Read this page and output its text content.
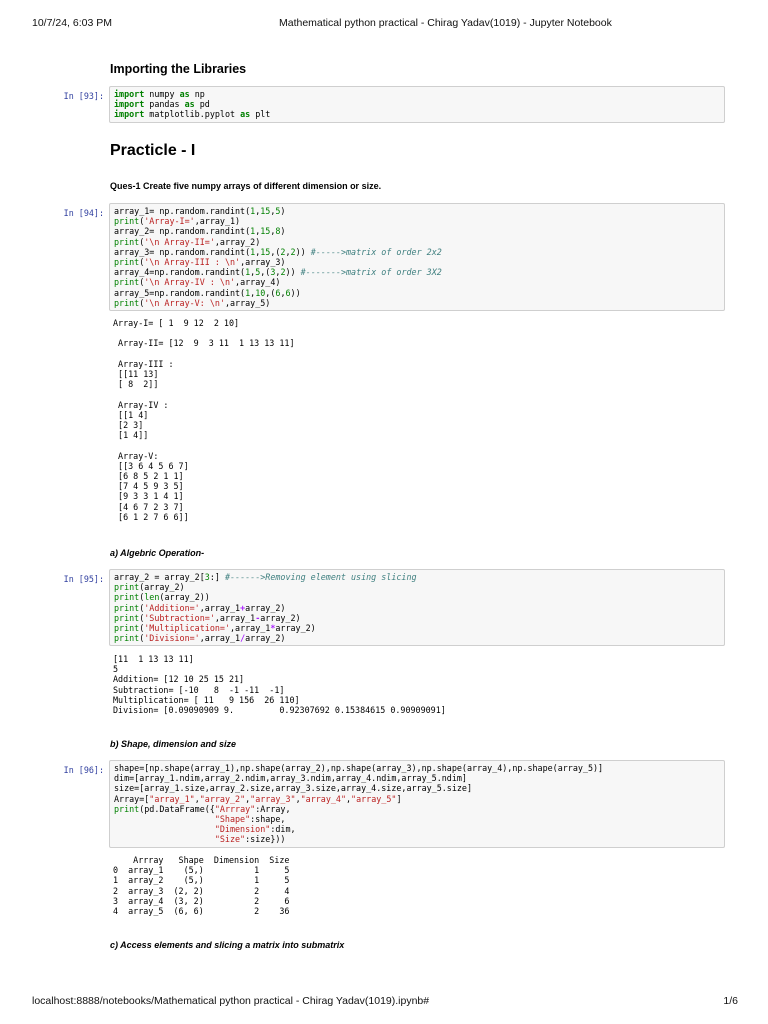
10/7/24, 6:03 PM	Mathematical python practical - Chirag Yadav(1019) - Jupyter Notebook
Importing the Libraries
In [93]: import numpy as np
import pandas as pd
import matplotlib.pyplot as plt
Practicle - I
Ques-1 Create five numpy arrays of different dimension or size.
In [94]: array_1= np.random.randint(1,15,5)
print('Array-I=',array_1)
array_2= np.random.randint(1,15,8)
print('\n Array-II=',array_2)
array_3= np.random.randint(1,15,(2,2)) #----->matrix of order 2x2
print('\n Array-III : \n',array_3)
array_4=np.random.randint(1,5,(3,2)) #------->matrix of order 3X2
print('\n Array-IV : \n',array_4)
array_5=np.random.randint(1,10,(6,6))
print('\n Array-V: \n',array_5)
Array-I= [ 1  9 12  2 10]

Array-II= [12  9  3 11  1 13 13 11]

Array-III :
[[11 13]
[ 8  2]]

Array-IV :
[[1 4]
[2 3]
[1 4]]

Array-V:
[[3 6 4 5 6 7]
[6 8 5 2 1 1]
[7 4 5 9 3 5]
[9 3 3 1 4 1]
[4 6 7 2 3 7]
[6 1 2 7 6 6]]
a) Algebric Operation-
In [95]: array_2 = array_2[3:] #------>Removing element using slicing
print(array_2)
print(len(array_2))
print('Addition=',array_1+array_2)
print('Subtraction=',array_1-array_2)
print('Multiplication=',array_1*array_2)
print('Division=',array_1/array_2)
[11  1 13 13 11]
5
Addition= [12 10 25 15 21]
Subtraction= [-10   8  -1 -11  -1]
Multiplication= [ 11   9 156  26 110]
Division= [0.09090909 9.         0.92307692 0.15384615 0.90909091]
b) Shape, dimension and size
In [96]: shape=[np.shape(array_1),np.shape(array_2),np.shape(array_3),np.shape(array_4),np.shape(array_5)]
dim=[array_1.ndim,array_2.ndim,array_3.ndim,array_4.ndim,array_5.ndim]
size=[array_1.size,array_2.size,array_3.size,array_4.size,array_5.size]
Array=["array_1","array_2","array_3","array_4","array_5"]
print(pd.DataFrame({"Arrray":Array,
"Shape":shape,
"Dimension":dim,
"Size":size}))
Arrray   Shape  Dimension  Size
0  array_1    (5,)          1     5
1  array_2    (5,)          1     5
2  array_3  (2, 2)          2     4
3  array_4  (3, 2)          2     6
4  array_5  (6, 6)          2    36
c) Access elements and slicing a matrix into submatrix
localhost:8888/notebooks/Mathematical python practical - Chirag Yadav(1019).ipynb#	1/6
